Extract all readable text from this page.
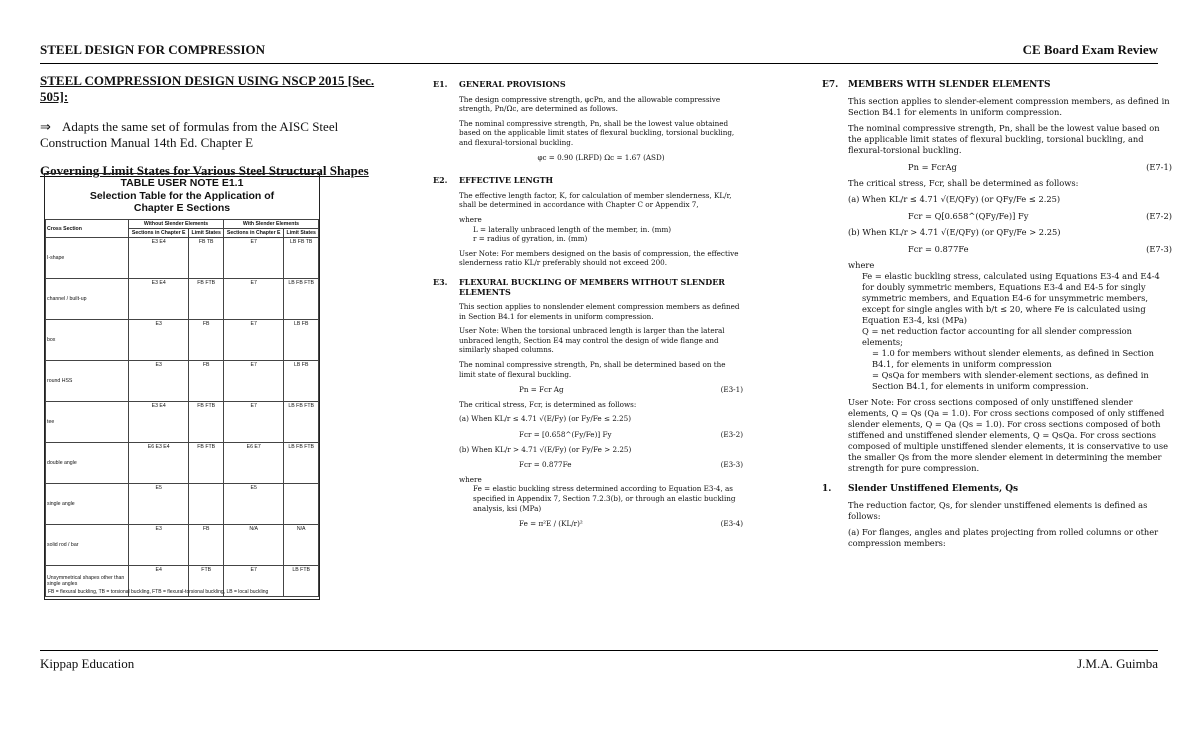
STEEL DESIGN FOR COMPRESSION	CE Board Exam Review
STEEL COMPRESSION DESIGN USING NSCP 2015 [Sec. 505]:
⇒ Adapts the same set of formulas from the AISC Steel Construction Manual 14th Ed. Chapter E
Governing Limit States for Various Steel Structural Shapes
TABLE USER NOTE E1.1
Selection Table for the Application of
Chapter E Sections
Cross Section	Without Slender Elements		With Slender Elements	
	Sections in Chapter E	Limit States	Sections in Chapter E	Limit States
I-shape	E3 E4	FB TB	E7	LB FB TB
channel / built-up	E3 E4	FB FTB	E7	LB FB FTB
box	E3	FB	E7	LB FB
round HSS	E3	FB	E7	LB FB
tee	E3 E4	FB FTB	E7	LB FB FTB
double angle	E6 E3 E4	FB FTB	E6 E7	LB FB FTB
single angle	E5		E5	
solid rod / bar	E3	FB	N/A	N/A
Unsymmetrical shapes other than single angles	E4	FTB	E7	LB FTB
FB = flexural buckling, TB = torsional buckling, FTB = flexural-torsional buckling, LB = local buckling
E1. GENERAL PROVISIONS
The design compressive strength, φcPn, and the allowable compressive strength, Pn/Ωc, are determined as follows.
The nominal compressive strength, Pn, shall be the lowest value obtained based on the applicable limit states of flexural buckling, torsional buckling, and flexural-torsional buckling.
φc = 0.90 (LRFD) Ωc = 1.67 (ASD)
E2. EFFECTIVE LENGTH
The effective length factor, K, for calculation of member slenderness, KL/r, shall be determined in accordance with Chapter C or Appendix 7,
where
L = laterally unbraced length of the member, in. (mm)
r = radius of gyration, in. (mm)
User Note: For members designed on the basis of compression, the effective slenderness ratio KL/r preferably should not exceed 200.
E3. FLEXURAL BUCKLING OF MEMBERS WITHOUT SLENDER ELEMENTS
This section applies to nonslender element compression members as defined in Section B4.1 for elements in uniform compression.
User Note: When the torsional unbraced length is larger than the lateral unbraced length, Section E4 may control the design of wide flange and similarly shaped columns.
The nominal compressive strength, Pn, shall be determined based on the limit state of flexural buckling.
Pn = Fcr Ag	(E3-1)
The critical stress, Fcr, is determined as follows:
(a) When KL/r ≤ 4.71 √(E/Fy) (or Fy/Fe ≤ 2.25)
Fcr = [0.658^(Fy/Fe)] Fy	(E3-2)
(b) When KL/r > 4.71 √(E/Fy) (or Fy/Fe > 2.25)
Fcr = 0.877Fe	(E3-3)
where
Fe = elastic buckling stress determined according to Equation E3-4, as specified in Appendix 7, Section 7.2.3(b), or through an elastic buckling analysis, ksi (MPa)
Fe = π²E / (KL/r)²	(E3-4)
E7. MEMBERS WITH SLENDER ELEMENTS
This section applies to slender-element compression members, as defined in Section B4.1 for elements in uniform compression.
The nominal compressive strength, Pn, shall be the lowest value based on the applicable limit states of flexural buckling, torsional buckling, and flexural-torsional buckling.
Pn = FcrAg	(E7-1)
The critical stress, Fcr, shall be determined as follows:
(a) When KL/r ≤ 4.71 √(E/QFy) (or QFy/Fe ≤ 2.25)
Fcr = Q[0.658^(QFy/Fe)] Fy	(E7-2)
(b) When KL/r > 4.71 √(E/QFy) (or QFy/Fe > 2.25)
Fcr = 0.877Fe	(E7-3)
where
Fe = elastic buckling stress, calculated using Equations E3-4 and E4-4 for doubly symmetric members, Equations E3-4 and E4-5 for singly symmetric members, and Equation E4-6 for unsymmetric members, except for single angles with b/t ≤ 20, where Fe is calculated using Equation E3-4, ksi (MPa)
Q = net reduction factor accounting for all slender compression elements;
= 1.0 for members without slender elements, as defined in Section B4.1, for elements in uniform compression
= QsQa for members with slender-element sections, as defined in Section B4.1, for elements in uniform compression.
User Note: For cross sections composed of only unstiffened slender elements, Q = Qs (Qa = 1.0). For cross sections composed of only stiffened slender elements, Q = Qa (Qs = 1.0). For cross sections composed of both stiffened and unstiffened slender elements, Q = QsQa. For cross sections composed of multiple unstiffened slender elements, it is conservative to use the smaller Qs from the more slender element in determining the member strength for pure compression.
1. Slender Unstiffened Elements, Qs
The reduction factor, Qs, for slender unstiffened elements is defined as follows:
(a) For flanges, angles and plates projecting from rolled columns or other compression members:
Kippap Education	J.M.A. Guimba
